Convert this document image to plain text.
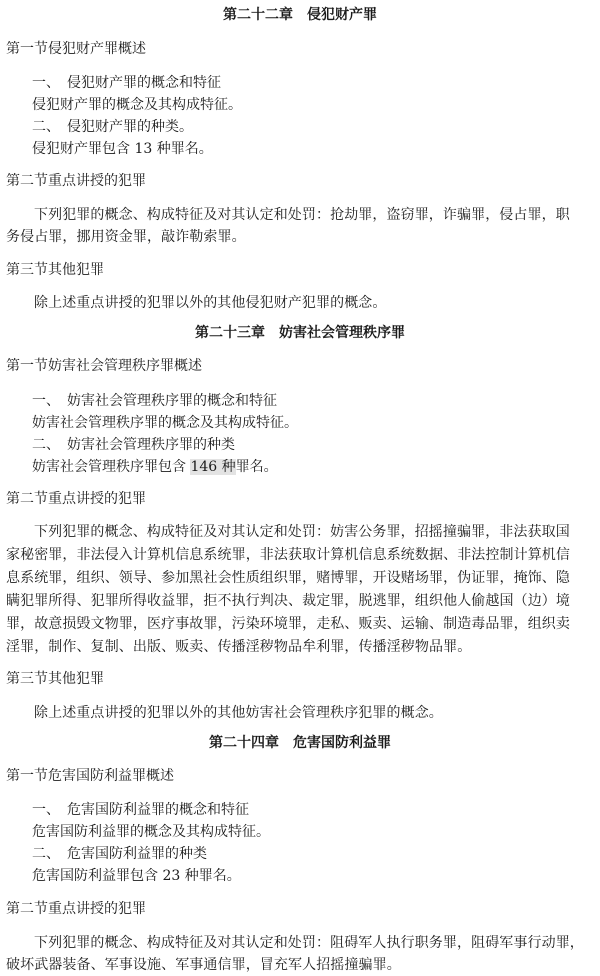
第二十二章　侵犯财产罪
第一节侵犯财产罪概述
一、　侵犯财产罪的概念和特征
侵犯财产罪的概念及其构成特征。
二、　侵犯财产罪的种类。
侵犯财产罪包含 13 种罪名。
第二节重点讲授的犯罪
下列犯罪的概念、构成特征及对其认定和处罚：抢劫罪，盗窃罪，诈骗罪，侵占罪，职
务侵占罪，挪用资金罪，敲诈勒索罪。
第三节其他犯罪
除上述重点讲授的犯罪以外的其他侵犯财产犯罪的概念。
第二十三章　妨害社会管理秩序罪
第一节妨害社会管理秩序罪概述
一、　妨害社会管理秩序罪的概念和特征
妨害社会管理秩序罪的概念及其构成特征。
二、　妨害社会管理秩序罪的种类
妨害社会管理秩序罪包含 146 种罪名。
第二节重点讲授的犯罪
下列犯罪的概念、构成特征及对其认定和处罚：妨害公务罪，招摇撞骗罪，非法获取国
家秘密罪，非法侵入计算机信息系统罪，非法获取计算机信息系统数据、非法控制计算机信
息系统罪，组织、领导、参加黑社会性质组织罪，赌博罪，开设赌场罪，伪证罪，掩饰、隐
瞒犯罪所得、犯罪所得收益罪，拒不执行判决、裁定罪，脱逃罪，组织他人偷越国（边）境
罪，故意损毁文物罪，医疗事故罪，污染环境罪，走私、贩卖、运输、制造毒品罪，组织卖
淫罪，制作、复制、出版、贩卖、传播淫秽物品牟利罪，传播淫秽物品罪。
第三节其他犯罪
除上述重点讲授的犯罪以外的其他妨害社会管理秩序犯罪的概念。
第二十四章　危害国防利益罪
第一节危害国防利益罪概述
一、　危害国防利益罪的概念和特征
危害国防利益罪的概念及其构成特征。
二、　危害国防利益罪的种类
危害国防利益罪包含 23 种罪名。
第二节重点讲授的犯罪
下列犯罪的概念、构成特征及对其认定和处罚：阻碍军人执行职务罪，阻碍军事行动罪，
破坏武器装备、军事设施、军事通信罪，冒充军人招摇撞骗罪。
